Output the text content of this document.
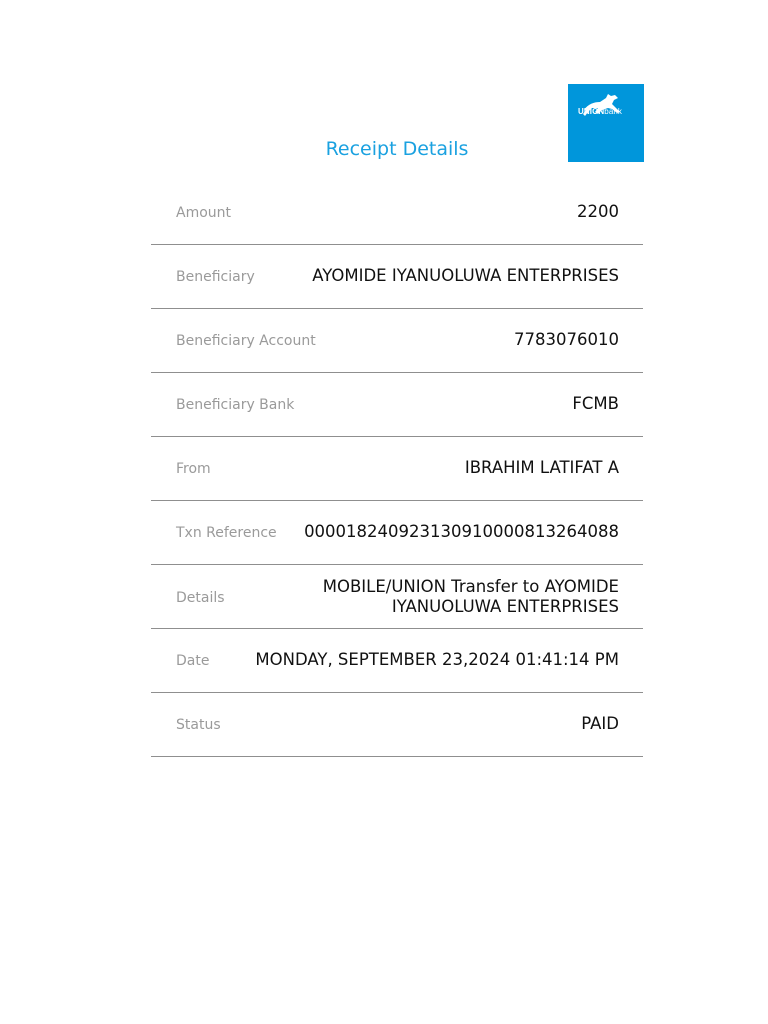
UNIONbank
Receipt Details
Amount	2200
Beneficiary	AYOMIDE IYANUOLUWA ENTERPRISES
Beneficiary Account	7783076010
Beneficiary Bank	FCMB
From	IBRAHIM LATIFAT A
Txn Reference 000018240923130910000813264088
Details
MOBILE/UNION Transfer to AYOMIDE
IYANUOLUWA ENTERPRISES
Date	MONDAY, SEPTEMBER 23,2024 01:41:14 PM
Status	PAID
